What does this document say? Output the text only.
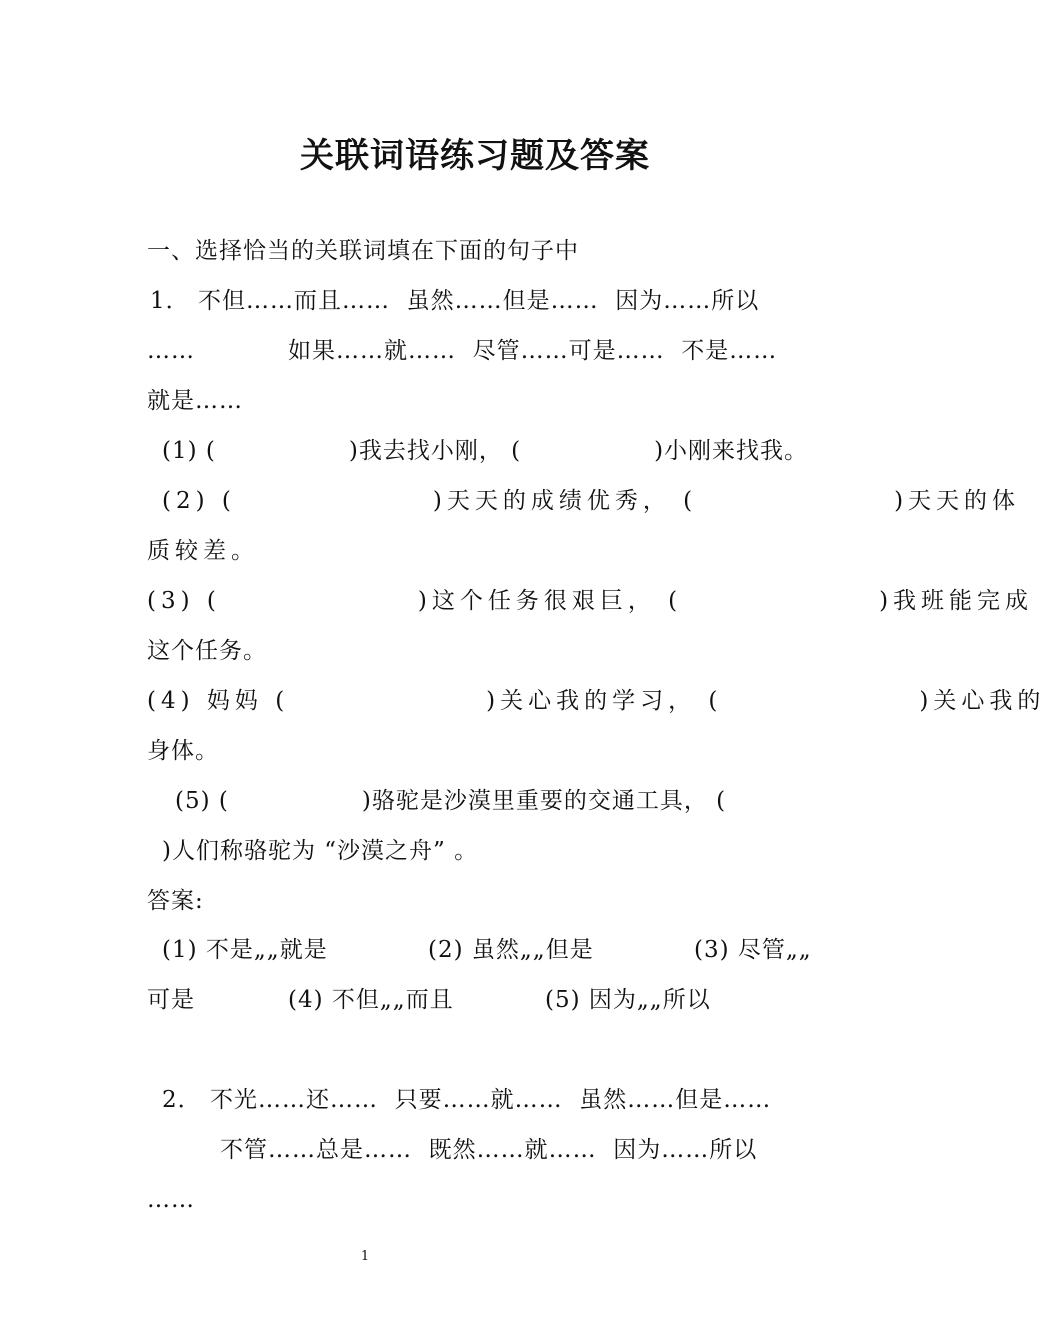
关联词语练习题及答案
一、选择恰当的关联词填在下面的句子中
1． 不但……而且……  虽然……但是……  因为……所以
……	如果……就……  尽管……可是……  不是……
就是……
(1) (                )我去找小刚， (                )小刚来找我。
(2) (                )天天的成绩优秀， (                )天天的体
质较差。
(3) (                )这个任务很艰巨， (                )我班能完成
这个任务。
(4) 妈妈 (                )关心我的学习， (                )关心我的
身体。
(5) (                )骆驼是沙漠里重要的交通工具， (
)人们称骆驼为 “沙漠之舟” 。
答案:
(1) 不是„„就是	(2) 虽然„„但是	(3) 尽管„„
可是	(4) 不但„„而且	(5) 因为„„所以
2． 不光……还……  只要……就……  虽然……但是……
不管……总是……  既然……就……  因为……所以
……
1
